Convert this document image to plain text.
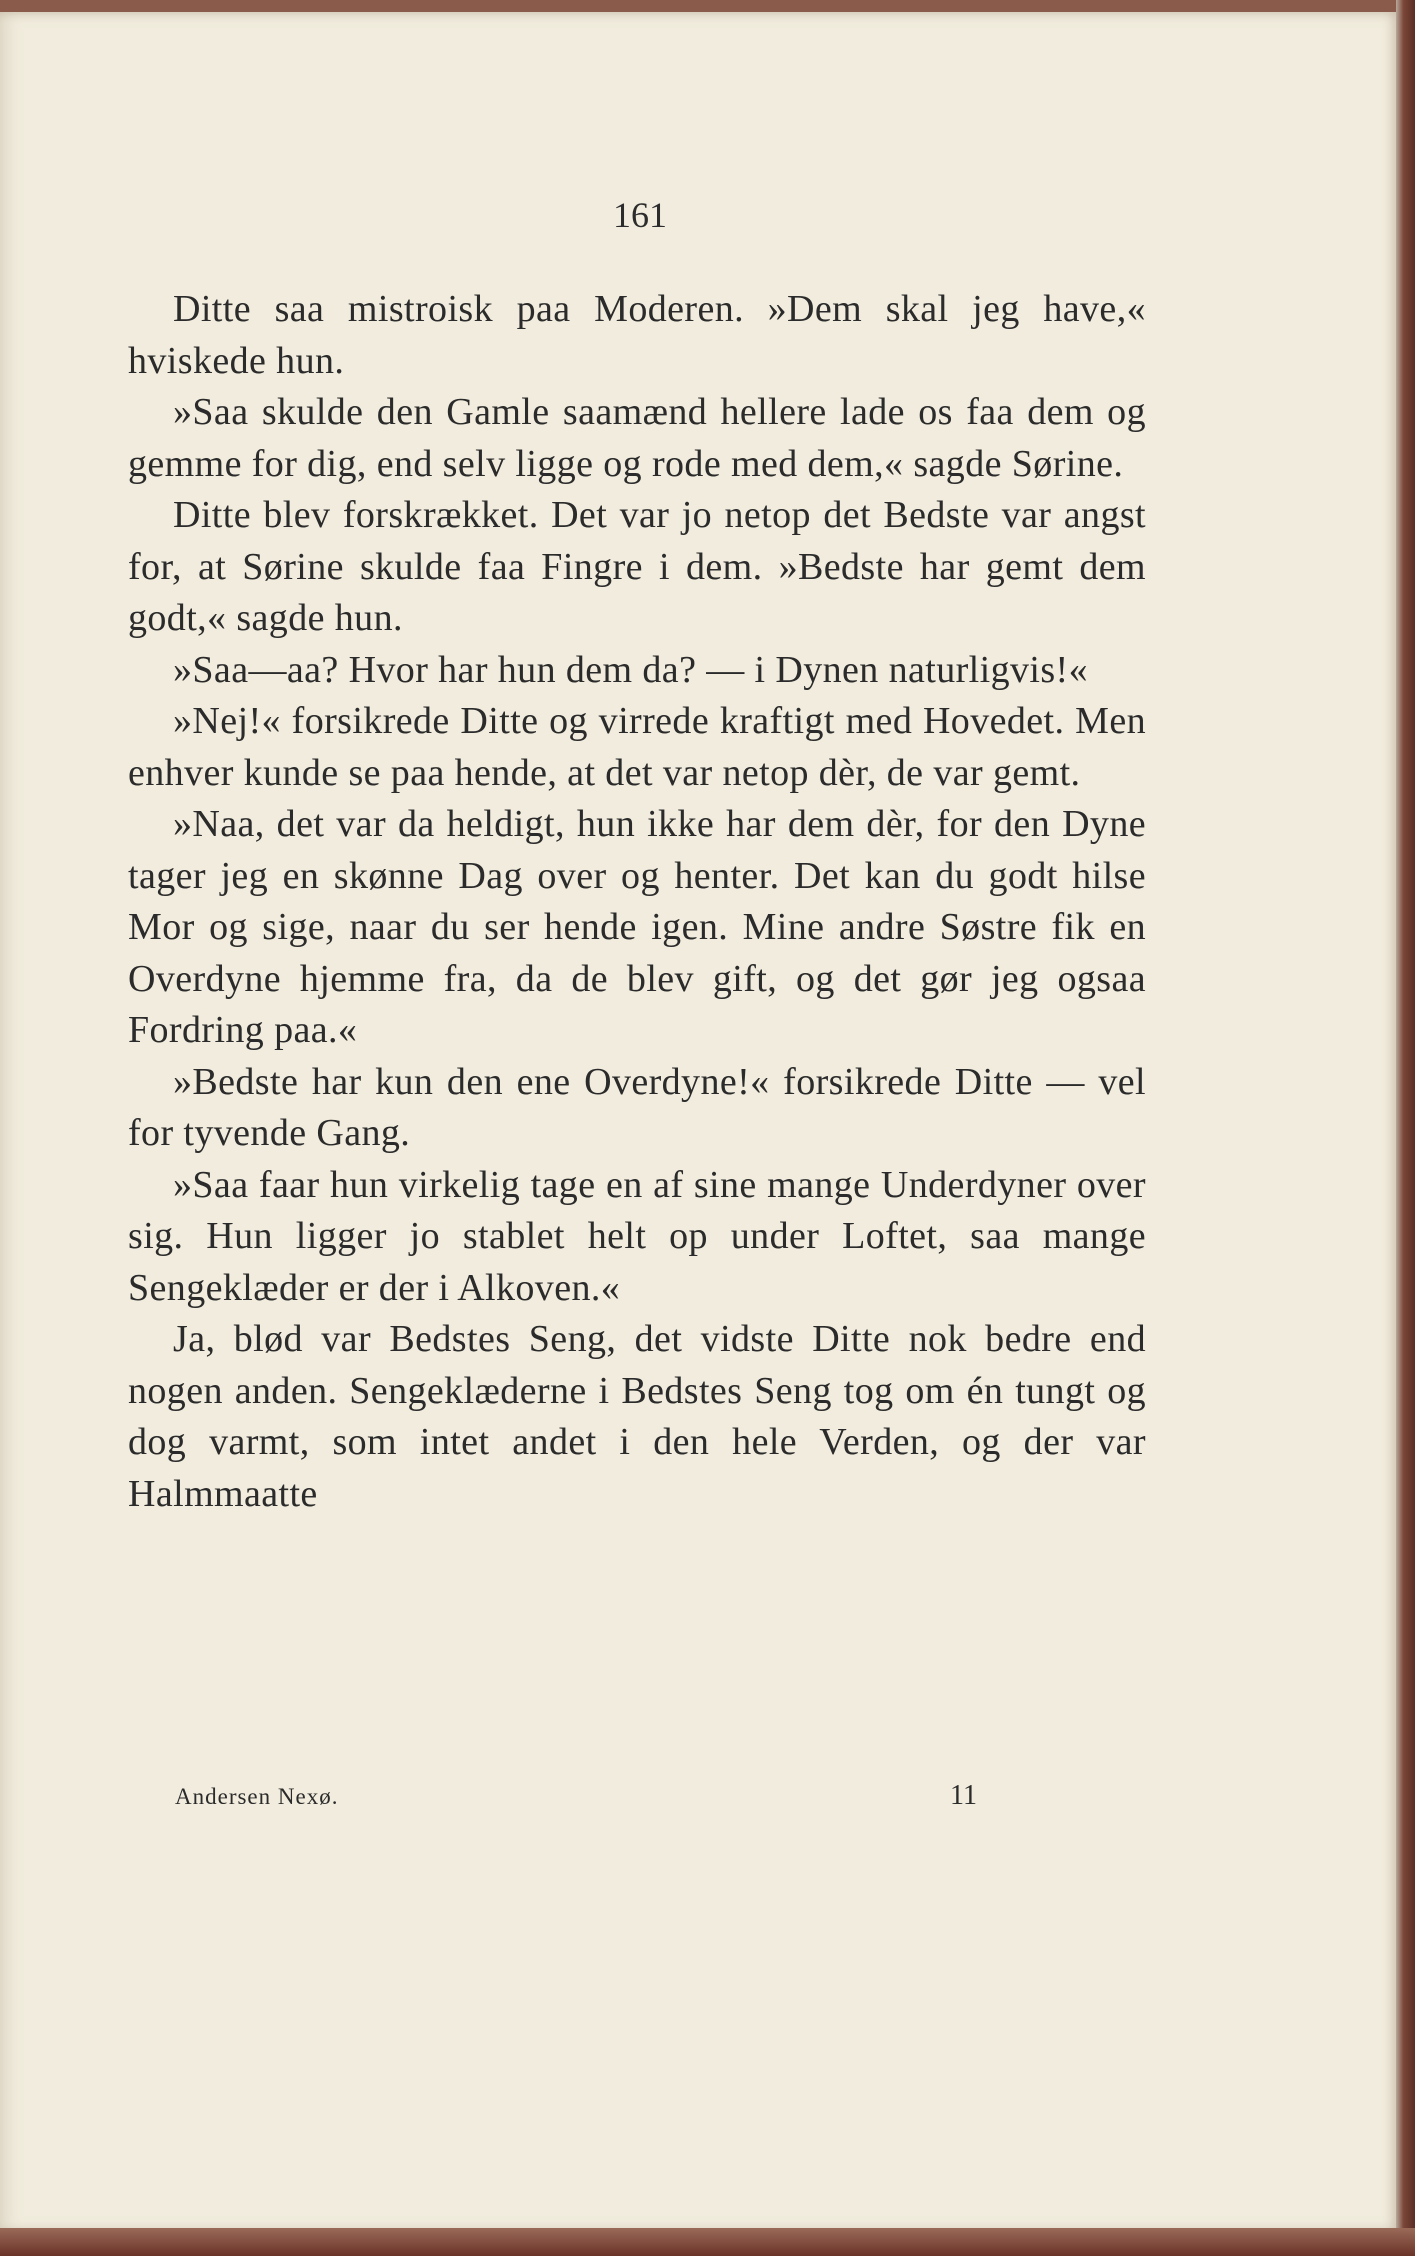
161

Ditte saa mistroisk paa Moderen. »Dem skal jeg have,« hviskede hun.

»Saa skulde den Gamle saamænd hellere lade os faa dem og gemme for dig, end selv ligge og rode med dem,« sagde Sørine.

Ditte blev forskrækket. Det var jo netop det Bedste var angst for, at Sørine skulde faa Fingre i dem. »Bedste har gemt dem godt,« sagde hun.

»Saa—aa? Hvor har hun dem da? — i Dynen naturligvis!«

»Nej!« forsikrede Ditte og virrede kraftigt med Hovedet. Men enhver kunde se paa hende, at det var netop dèr, de var gemt.

»Naa, det var da heldigt, hun ikke har dem dèr, for den Dyne tager jeg en skønne Dag over og henter. Det kan du godt hilse Mor og sige, naar du ser hende igen. Mine andre Søstre fik en Overdyne hjemme fra, da de blev gift, og det gør jeg ogsaa Fordring paa.«

»Bedste har kun den ene Overdyne!« forsikrede Ditte — vel for tyvende Gang.

»Saa faar hun virkelig tage en af sine mange Underdyner over sig. Hun ligger jo stablet helt op under Loftet, saa mange Sengeklæder er der i Alkoven.«

Ja, blød var Bedstes Seng, det vidste Ditte nok bedre end nogen anden. Sengeklæderne i Bedstes Seng tog om én tungt og dog varmt, som intet andet i den hele Verden, og der var Halmmaatte

Andersen Nexø.	11
